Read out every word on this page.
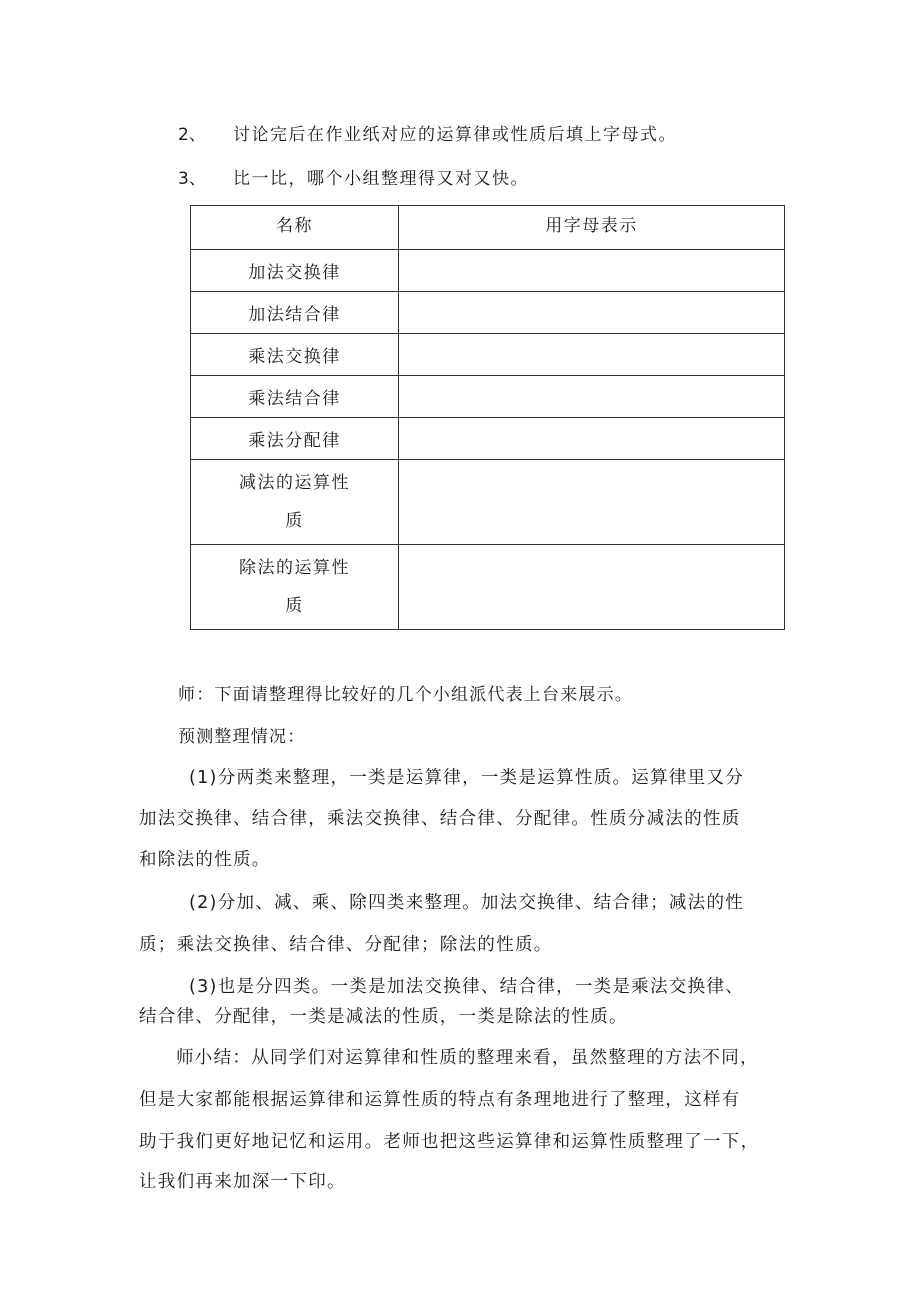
2、 讨论完后在作业纸对应的运算律或性质后填上字母式。
3、 比一比，哪个小组整理得又对又快。
名称	用字母表示
加法交换律	
加法结合律	
乘法交换律	
乘法结合律	
乘法分配律	

减法的运算性
质	

除法的运算性
质	

师：下面请整理得比较好的几个小组派代表上台来展示。
预测整理情况：
(1)分两类来整理，一类是运算律，一类是运算性质。运算律里又分
加法交换律、结合律，乘法交换律、结合律、分配律。性质分减法的性质
和除法的性质。
(2)分加、减、乘、除四类来整理。加法交换律、结合律；减法的性
质；乘法交换律、结合律、分配律；除法的性质。
(3)也是分四类。一类是加法交换律、结合律，一类是乘法交换律、
结合律、分配律，一类是减法的性质，一类是除法的性质。
师小结：从同学们对运算律和性质的整理来看，虽然整理的方法不同，
但是大家都能根据运算律和运算性质的特点有条理地进行了整理，这样有
助于我们更好地记忆和运用。老师也把这些运算律和运算性质整理了一下，
让我们再来加深一下印。
